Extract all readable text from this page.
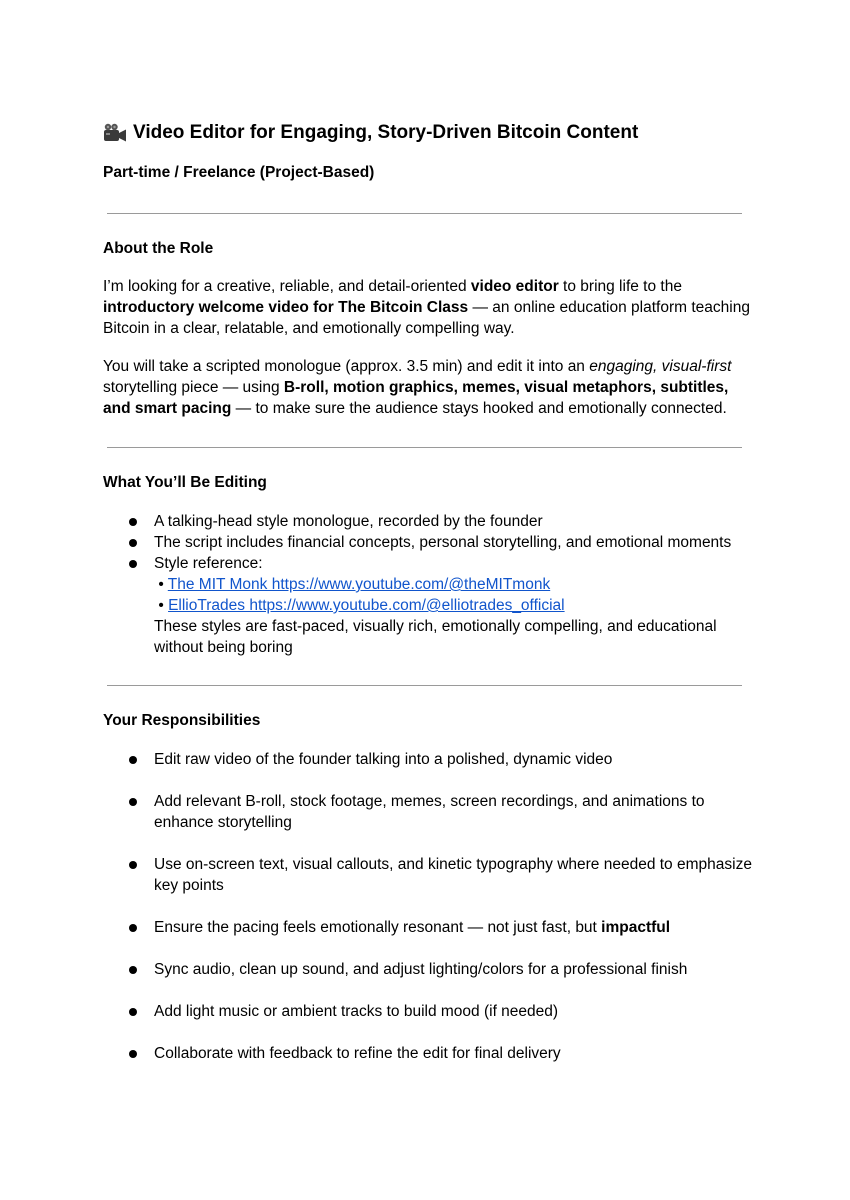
Video Editor for Engaging, Story-Driven Bitcoin Content
Part-time / Freelance (Project-Based)
About the Role

I’m looking for a creative, reliable, and detail-oriented video editor to bring life to the introductory welcome video for The Bitcoin Class — an online education platform teaching Bitcoin in a clear, relatable, and emotionally compelling way.

You will take a scripted monologue (approx. 3.5 min) and edit it into an engaging, visual-first storytelling piece — using B-roll, motion graphics, memes, visual metaphors, subtitles, and smart pacing — to make sure the audience stays hooked and emotionally connected.

What You’ll Be Editing
A talking-head style monologue, recorded by the founder
The script includes financial concepts, personal storytelling, and emotional moments
Style reference:
• The MIT Monk https://www.youtube.com/@theMITmonk
• EllioTrades https://www.youtube.com/@elliotrades_official
These styles are fast-paced, visually rich, emotionally compelling, and educational without being boring
Your Responsibilities
Edit raw video of the founder talking into a polished, dynamic video
Add relevant B-roll, stock footage, memes, screen recordings, and animations to enhance storytelling
Use on-screen text, visual callouts, and kinetic typography where needed to emphasize key points
Ensure the pacing feels emotionally resonant — not just fast, but impactful
Sync audio, clean up sound, and adjust lighting/colors for a professional finish
Add light music or ambient tracks to build mood (if needed)
Collaborate with feedback to refine the edit for final delivery
